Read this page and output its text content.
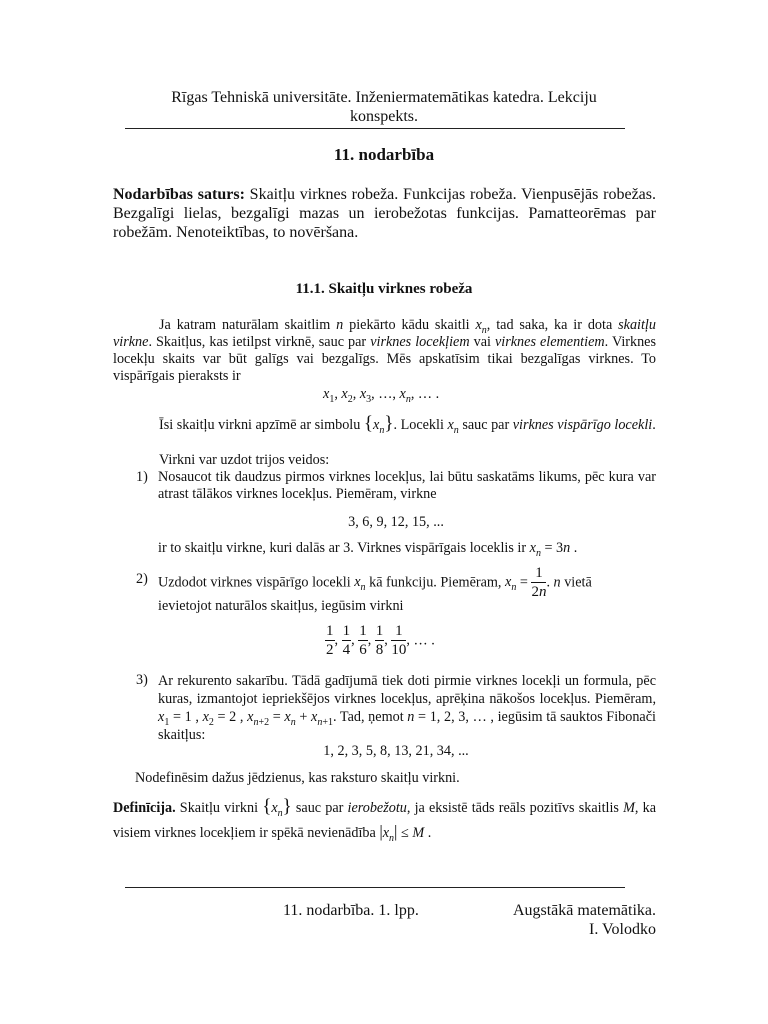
Rīgas Tehniskā universitāte. Inženiermatemātikas katedra. Lekciju
konspekts.
11. nodarbība
Nodarbības saturs: Skaitļu virknes robeža. Funkcijas robeža. Vienpusējās robežas. Bezgalīgi lielas, bezgalīgi mazas un ierobežotas funkcijas. Pamatteorēmas par robežām. Nenoteiktības, to novēršana.
11.1. Skaitļu virknes robeža
Ja katram naturālam skaitlim n piekārto kādu skaitli $x_n$, tad saka, ka ir dota skaitļu virkne. Skaitļus, kas ietilpst virknē, sauc par virknes locekļiem vai virknes elementiem. Virknes locekļu skaits var būt galīgs vai bezgalīgs. Mēs apskatīsim tikai bezgalīgas virknes. To vispārīgais pieraksts ir
$x_1$, $x_2$, $x_3$, …, $x_n$, … .
Īsi skaitļu virkni apzīmē ar simbolu $\{x_n\}$. Locekli $x_n$ sauc par virknes vispārīgo locekli.
Virkni var uzdot trijos veidos:
1) Nosaucot tik daudzus pirmos virknes locekļus, lai būtu saskatāms likums, pēc kura var atrast tālākos virknes locekļus. Piemēram, virkne
3, 6, 9, 12, 15, ...
ir to skaitļu virkne, kuri dalās ar 3. Virknes vispārīgais loceklis ir $x_n = 3n$ .
2) Uzdodot virknes vispārīgo locekli $x_n$ kā funkciju. Piemēram, $x_n = \frac{1}{2n}$ . n vietā
ievietojot naturālos skaitļus, iegūsim virkni
$\frac{1}{2}$ , $\frac{1}{4}$ , $\frac{1}{6}$ , $\frac{1}{8}$ , $\frac{1}{10}$ , … .
3) Ar rekurento sakarību. Tādā gadījumā tiek doti pirmie virknes locekļi un formula, pēc kuras, izmantojot iepriekšējos virknes locekļus, aprēķina nākošos locekļus. Piemēram, $x_1 = 1$ , $x_2 = 2$ , $x_{n+2} = x_n + x_{n+1}$. Tad, ņemot n = 1, 2, 3, … , iegūsim tā sauktos Fibonači skaitļus:
1, 2, 3, 5, 8, 13, 21, 34, ...
Nodefinēsim dažus jēdzienus, kas raksturo skaitļu virkni.
Definīcija. Skaitļu virkni $\{x_n\}$ sauc par ierobežotu, ja eksistē tāds reāls pozitīvs skaitlis M, ka visiem virknes locekļiem ir spēkā nevienādība $|x_n| \le M$ .
11. nodarbība. 1. lpp.	Augstākā matemātika.
I. Volodko
